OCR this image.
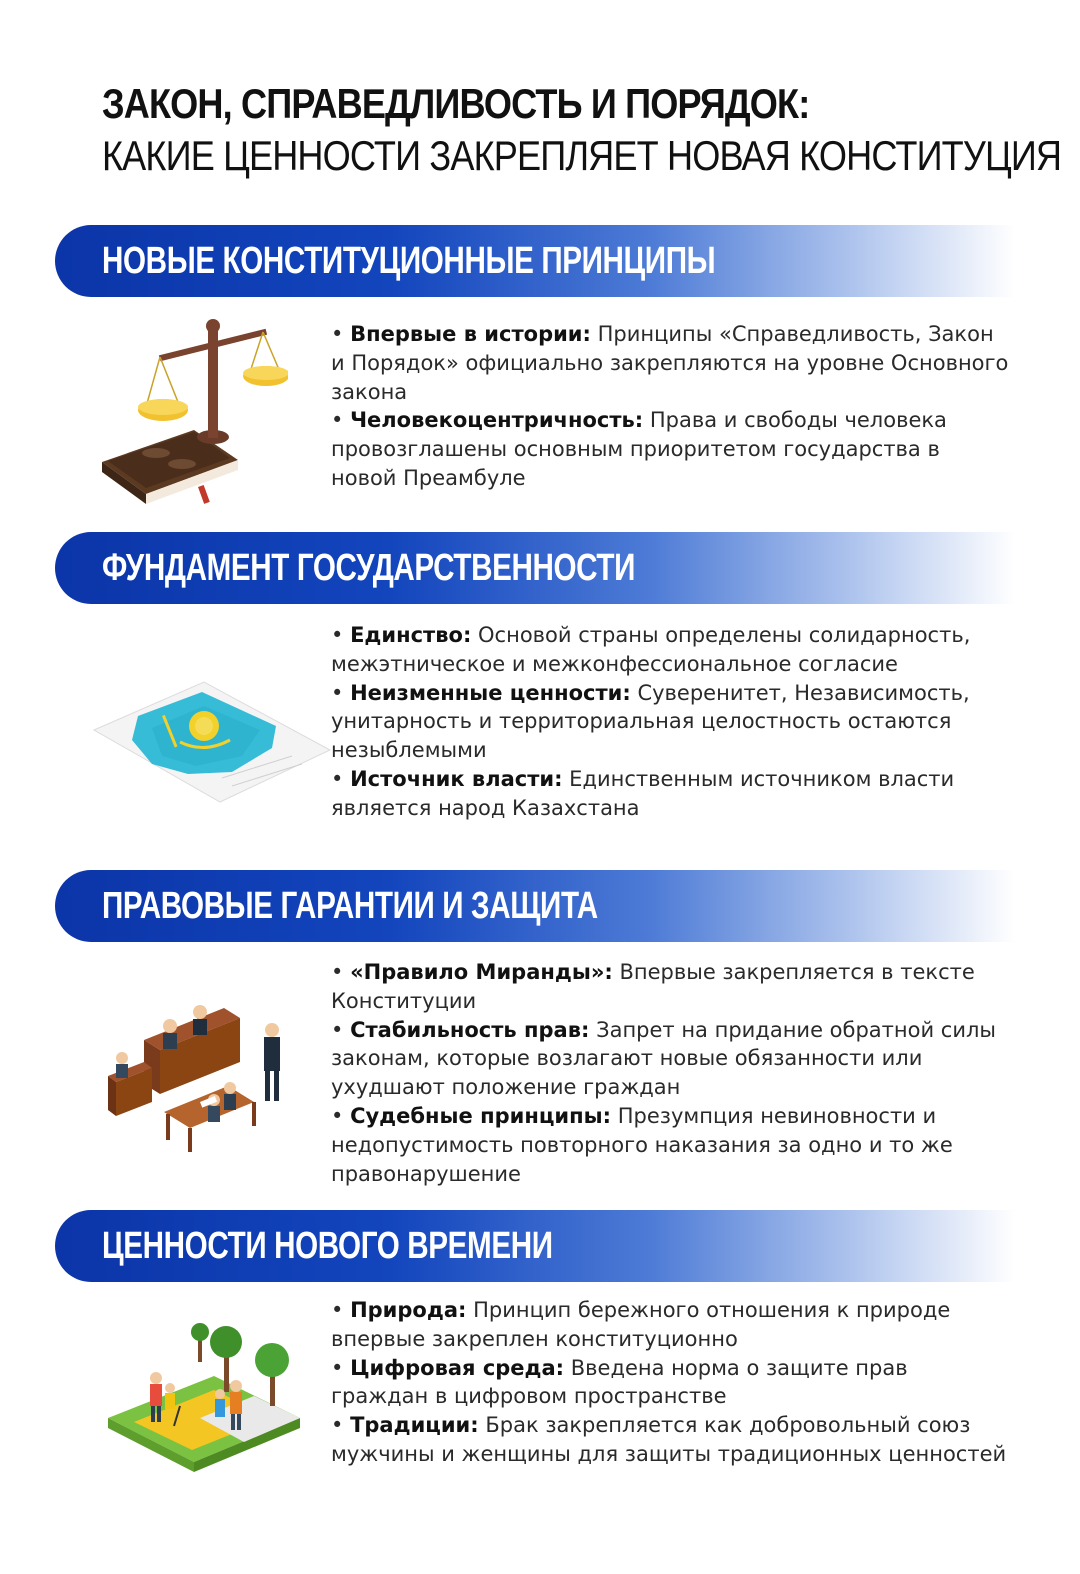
ЗАКОН, СПРАВЕДЛИВОСТЬ И ПОРЯДОК:
КАКИЕ ЦЕННОСТИ ЗАКРЕПЛЯЕТ НОВАЯ КОНСТИТУЦИЯ
НОВЫЕ КОНСТИТУЦИОННЫЕ ПРИНЦИПЫ

• Впервые в истории: Принципы «Справедливость, Закон и Порядок» официально закрепляются на уровне Основного закона

• Человекоцентричность: Права и свободы человека провозглашены основным приоритетом государства в новой Преамбуле

ФУНДАМЕНТ ГОСУДАРСТВЕННОСТИ

• Единство: Основой страны определены солидарность, межэтническое и межконфессиональное согласие

• Неизменные ценности: Суверенитет, Независимость, унитарность и территориальная целостность остаются незыблемыми

• Источник власти: Единственным источником власти является народ Казахстана

ПРАВОВЫЕ ГАРАНТИИ И ЗАЩИТА

• «Правило Миранды»: Впервые закрепляется в тексте Конституции

• Стабильность прав: Запрет на придание обратной силы законам, которые возлагают новые обязанности или ухудшают положение граждан

• Судебные принципы: Презумпция невиновности и недопустимость повторного наказания за одно и то же правонарушение

ЦЕННОСТИ НОВОГО ВРЕМЕНИ

• Природа: Принцип бережного отношения к природе впервые закреплен конституционно

• Цифровая среда: Введена норма о защите прав граждан в цифровом пространстве

• Традиции: Брак закрепляется как добровольный союз мужчины и женщины для защиты традиционных ценностей
